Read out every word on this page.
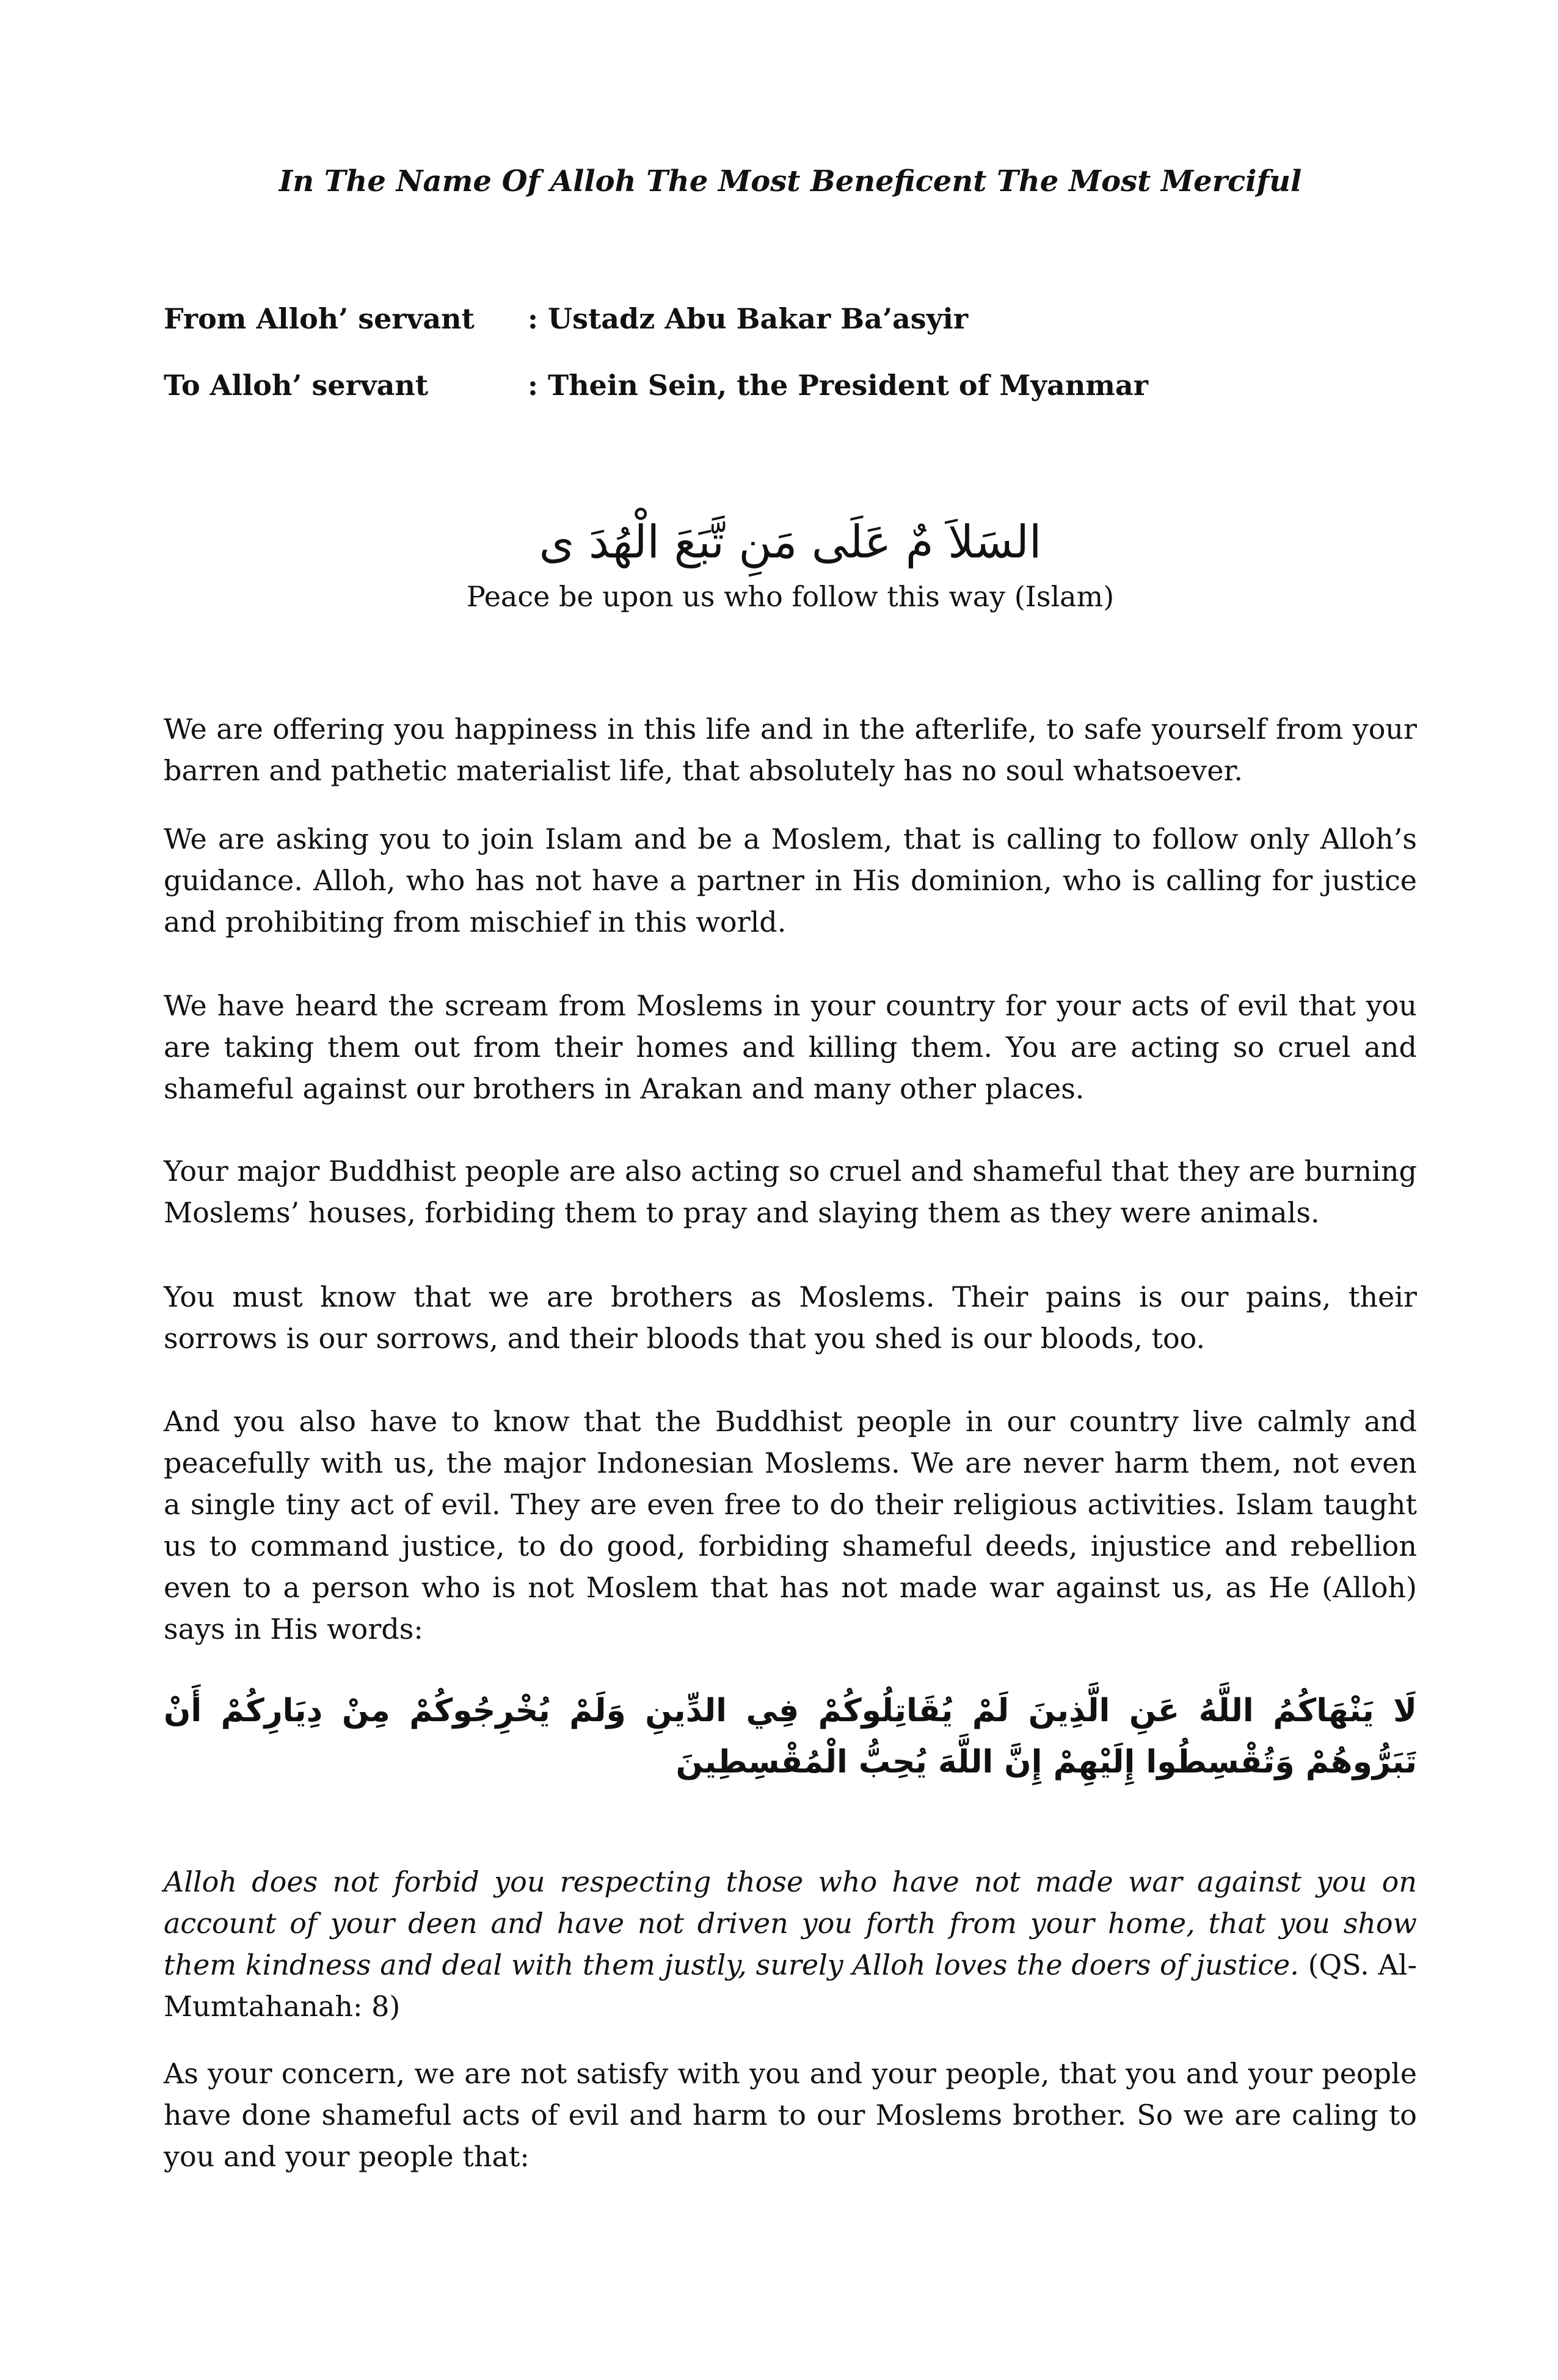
In The Name Of Alloh The Most Beneficent The Most Merciful
From Alloh’ servant : Ustadz Abu Bakar Ba’asyir
To Alloh’ servant	: Thein Sein, the President of Myanmar
السَلاَ مٌ عَلَى مَنِ تَّبَعَ الْهُدَ ى
Peace be upon us who follow this way (Islam)

We are offering you happiness in this life and in the afterlife, to safe yourself from your barren and pathetic materialist life, that absolutely has no soul whatsoever.

We are asking you to join Islam and be a Moslem, that is calling to follow only Alloh’s guidance. Alloh, who has not have a partner in His dominion, who is calling for justice and prohibiting from mischief in this world.

We have heard the scream from Moslems in your country for your acts of evil that you are taking them out from their homes and killing them. You are acting so cruel and shameful against our brothers in Arakan and many other places.

Your major Buddhist people are also acting so cruel and shameful that they are burning Moslems’ houses, forbiding them to pray and slaying them as they were animals.

You must know that we are brothers as Moslems. Their pains is our pains, their sorrows is our sorrows, and their bloods that you shed is our bloods, too.

And you also have to know that the Buddhist people in our country live calmly and peacefully with us, the major Indonesian Moslems. We are never harm them, not even a single tiny act of evil. They are even free to do their religious activities. Islam taught us to command justice, to do good, forbiding shameful deeds, injustice and rebellion even to a person who is not Moslem that has not made war against us, as He (Alloh) says in His words:

لَا يَنْهَاكُمُ اللَّهُ عَنِ الَّذِينَ لَمْ يُقَاتِلُوكُمْ فِي الدِّينِ وَلَمْ يُخْرِجُوكُمْ مِنْ دِيَارِكُمْ أَنْ تَبَرُّوهُمْ وَتُقْسِطُوا إِلَيْهِمْ إِنَّ اللَّهَ يُحِبُّ الْمُقْسِطِينَ
Alloh does not forbid you respecting those who have not made war against you on account of your deen and have not driven you forth from your home, that you show them kindness and deal with them justly, surely Alloh loves the doers of justice. (QS. Al-Mumtahanah: 8)

As your concern, we are not satisfy with you and your people, that you and your people have done shameful acts of evil and harm to our Moslems brother. So we are caling to you and your people that:
